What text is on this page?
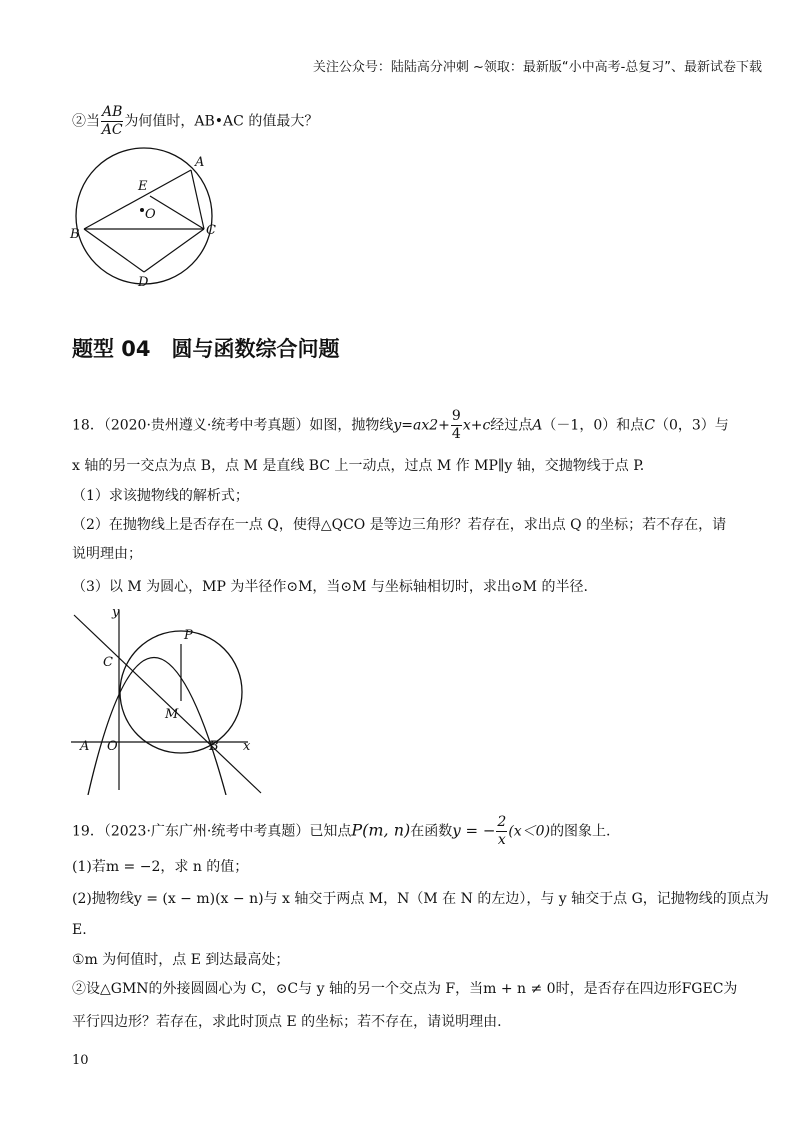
关注公众号：陆陆高分冲刺 ~领取：最新版“小中高考-总复习”、最新试卷下载
②当 $\frac{AB}{AC}$ 为何值时，AB•AC 的值最大？
A
B	C
D
E
O
题型 04　圆与函数综合问题
18．（2020·贵州遵义·统考中考真题）如图，抛物线$y=ax2+ \frac{9}{4} x+c$经过点A（－1，0）和点C（0，3）与
x 轴的另一交点为点 B，点 M 是直线 BC 上一动点，过点 M 作 MP∥y 轴，交抛物线于点 P.
（1）求该抛物线的解析式；
（2）在抛物线上是否存在一点 Q，使得△QCO 是等边三角形？若存在，求出点 Q 的坐标；若不存在，请
说明理由；
（3）以 M 为圆心，MP 为半径作⊙M，当⊙M 与坐标轴相切时，求出⊙M 的半径.
y
x
P
C
M
A O	B
19．（2023·广东广州·统考中考真题）已知点P(m, n)在函数y = − $\frac{2}{x} (x<0)$的图象上.
(1)若m = −2，求 n 的值；
(2)抛物线y = (x − m)(x − n)与 x 轴交于两点 M，N（M 在 N 的左边），与 y 轴交于点 G，记抛物线的顶点为
E.
①m 为何值时，点 E 到达最高处；
②设△GMN的外接圆圆心为 C，⊙C与 y 轴的另一个交点为 F，当m + n ≠ 0时，是否存在四边形FGEC为
平行四边形？若存在，求此时顶点 E 的坐标；若不存在，请说明理由.
10
